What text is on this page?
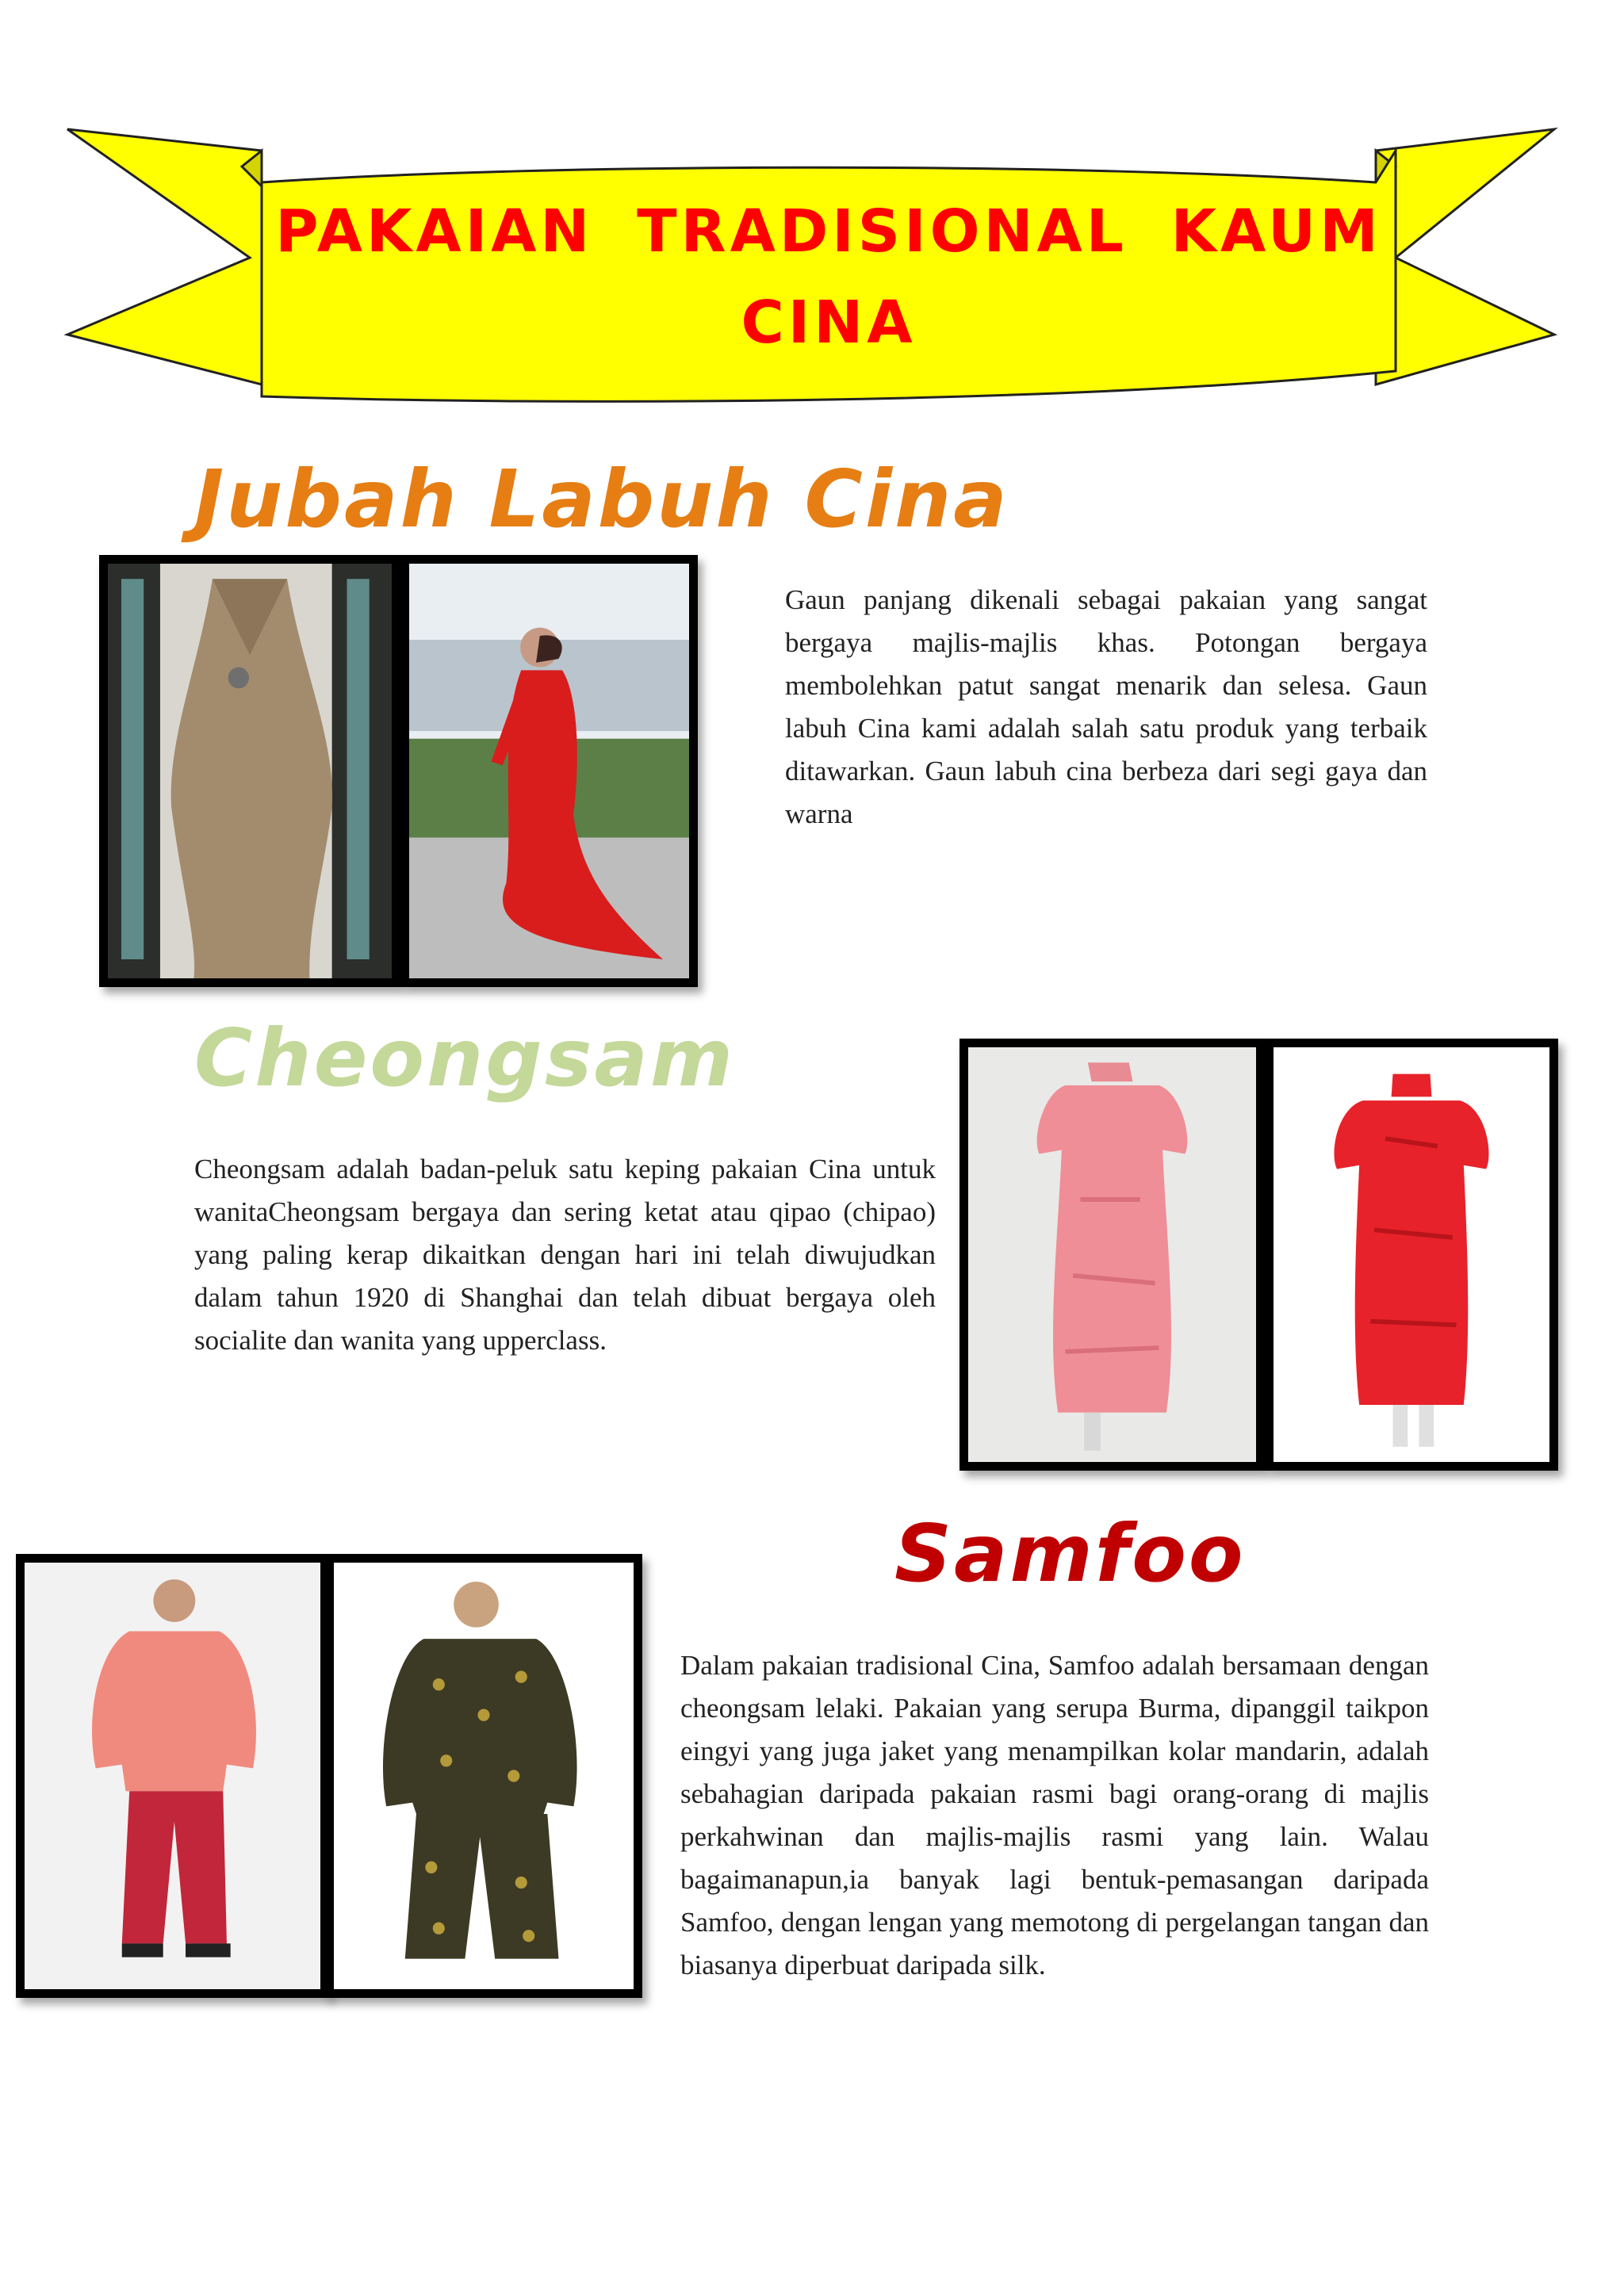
PAKAIAN TRADISIONAL KAUM
CINA
Jubah Labuh Cina
Gaun panjang dikenali sebagai pakaian yang sangat bergaya majlis-majlis khas. Potongan bergaya membolehkan patut sangat menarik dan selesa. Gaun labuh Cina kami adalah salah satu produk yang terbaik ditawarkan. Gaun labuh cina berbeza dari segi gaya dan warna
Cheongsam
Cheongsam adalah badan-peluk satu keping pakaian Cina untuk wanitaCheongsam bergaya dan sering ketat atau qipao (chipao) yang paling kerap dikaitkan dengan hari ini telah diwujudkan dalam tahun 1920 di Shanghai dan telah dibuat bergaya oleh socialite dan wanita yang upperclass.
Samfoo
Dalam pakaian tradisional Cina, Samfoo adalah bersamaan dengan cheongsam lelaki. Pakaian yang serupa Burma, dipanggil taikpon eingyi yang juga jaket yang menampilkan kolar mandarin, adalah sebahagian daripada pakaian rasmi bagi orang-orang di majlis perkahwinan dan majlis-majlis rasmi yang lain. Walau bagaimanapun,ia banyak lagi bentuk-pemasangan daripada Samfoo, dengan lengan yang memotong di pergelangan tangan dan biasanya diperbuat daripada silk.
